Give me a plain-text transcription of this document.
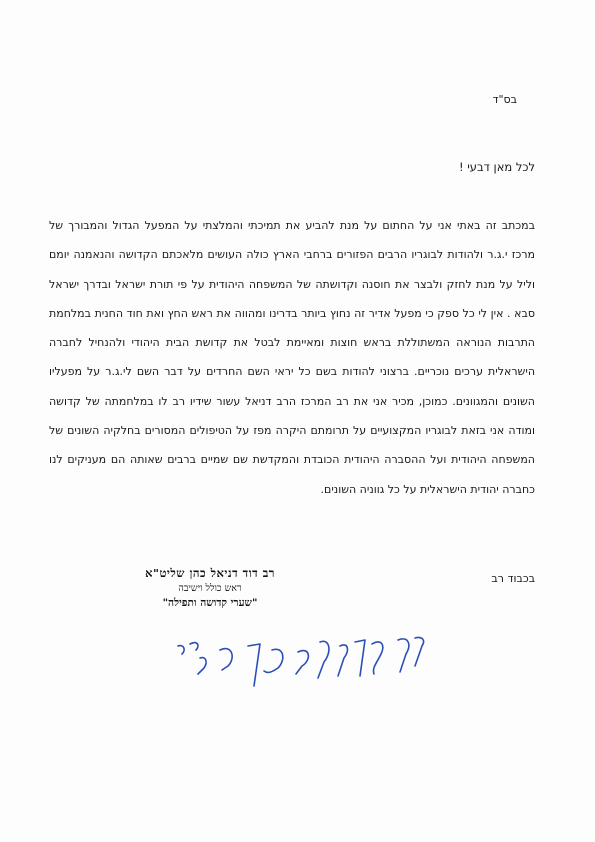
בס"ד
לכל מאן דבעי !
במכתב זה באתי אני על החתום על מנת להביע את תמיכתי והמלצתי על המפעל הגדול והמבורך של מרכז י.ג.ר ולהודות לבוגריו הרבים הפזורים ברחבי הארץ כולה העושים מלאכתם הקדושה והנאמנה יומם וליל על מנת לחזק ולבצר את חוסנה וקדושתה של המשפחה היהודית על פי תורת ישראל ובדרך ישראל סבא . אין לי כל ספק כי מפעל אדיר זה נחוץ ביותר בדרינו ומהווה את ראש החץ ואת חוד החנית במלחמת התרבות הנוראה המשתוללת בראש חוצות ומאיימת לבטל את קדושת הבית היהודי ולהנחיל לחברה הישראלית ערכים נוכריים. ברצוני להודות בשם כל יראי השם החרדים על דבר השם לי.ג.ר על מפעליו השונים והמגוונים. כמוכן, מכיר אני את רב המרכז הרב דניאל עשור שידיו רב לו במלחמתה של קדושה ומודה אני בזאת לבוגריו המקצועיים על תרומתם היקרה מפז על הטיפולים המסורים בחלקיה השונים של המשפחה היהודית ועל ההסברה היהודית הכובדת והמקדשת שם שמיים ברבים שאותה הם מעניקים לנו כחברה יהודית הישראלית על כל גווניה השונים.
בכבוד רב
רב דוד דניאל כהן שליט"א
ראש כולל וישיבה
"שערי קדושה ותפילה"
